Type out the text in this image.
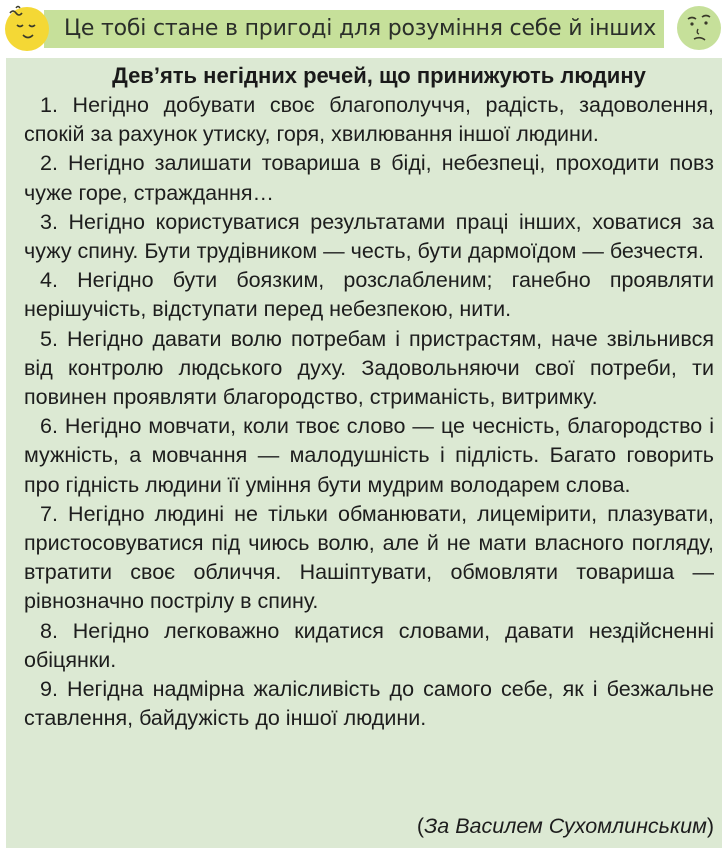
Це тобі стане в пригоді для розуміння себе й інших
Дев’ять негідних речей, що принижують людину

1. Негідно добувати своє благополуччя, радість, задоволення, спокій за рахунок утиску, горя, хвилювання іншої людини.

2. Негідно залишати товариша в біді, небезпеці, проходити повз чуже горе, страждання…

3. Негідно користуватися результатами праці інших, ховатися за чужу спину. Бути трудівником — честь, бути дармоїдом — безчестя.

4. Негідно бути боязким, розслабленим; ганебно проявляти нерішучість, відступати перед небезпекою, нити.

5. Негідно давати волю потребам і пристрастям, наче звільнився від контролю людського духу. Задовольняючи свої потреби, ти повинен проявляти благородство, стриманість, витримку.

6. Негідно мовчати, коли твоє слово — це чесність, благородство і мужність, а мовчання — малодушність і підлість. Багато говорить про гідність людини її уміння бути мудрим володарем слова.

7. Негідно людині не тільки обманювати, лицемірити, плазувати, пристосовуватися під чиюсь волю, але й не мати власного погляду, втратити своє обличчя. Нашіптувати, обмовляти товариша — рівнозначно пострілу в спину.

8. Негідно легковажно кидатися словами, давати нездійсненні обіцянки.

9. Негідна надмірна жалісливість до самого себе, як і безжальне ставлення, байдужість до іншої людини.

(За Василем Сухомлинським)
